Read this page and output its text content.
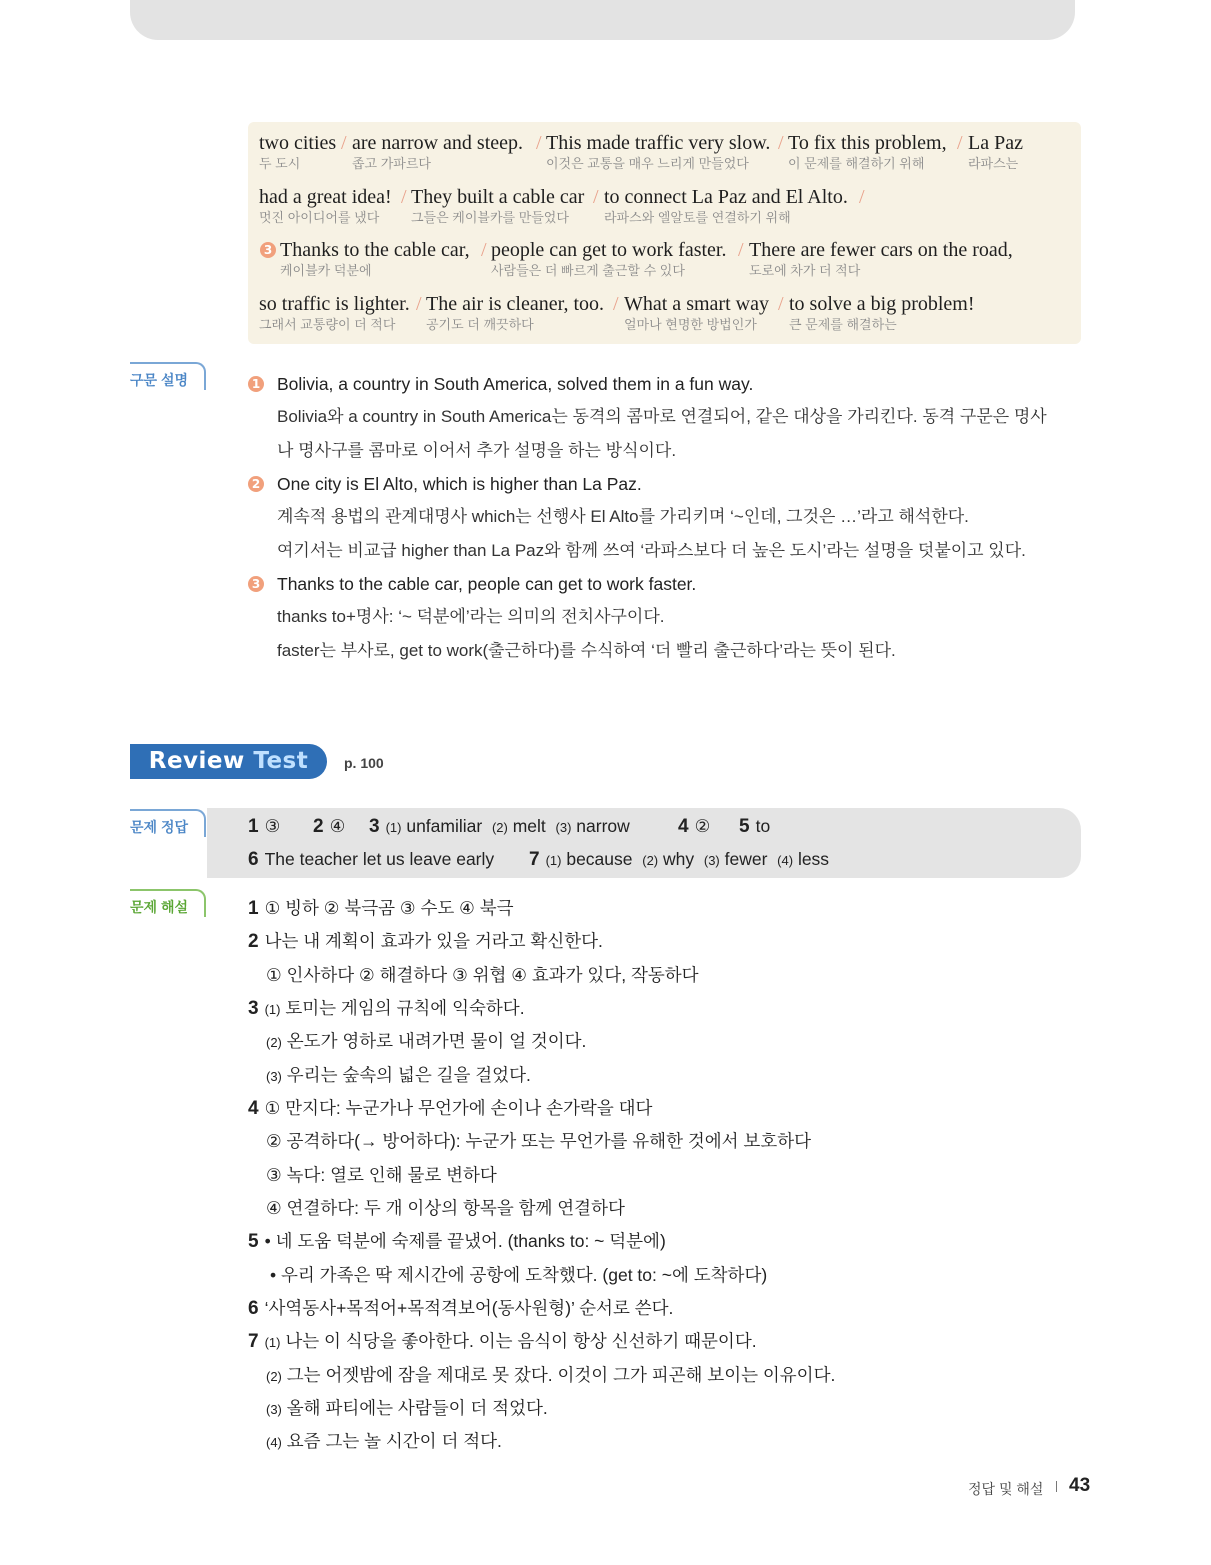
two cities
두 도시
/ are narrow and steep.
좁고 가파르다
/ This made traffic very slow.
이것은 교통을 매우 느리게 만들었다
/ To fix this problem,
이 문제를 해결하기 위해
/ La Paz
라파스는
had a great idea!
멋진 아이디어를 냈다
/ They built a cable car
그들은 케이블카를 만들었다
/ to connect La Paz and El Alto.
라파스와 엘알토를 연결하기 위해
/
3 Thanks to the cable car,
케이블카 덕분에
/ people can get to work faster.
사람들은 더 빠르게 출근할 수 있다
/ There are fewer cars on the road,
도로에 차가 더 적다
so traffic is lighter.
그래서 교통량이 더 적다
/ The air is cleaner, too.
공기도 더 깨끗하다
/ What a smart way
얼마나 현명한 방법인가
/ to solve a big problem!
큰 문제를 해결하는
구문 설명	1 Bolivia, a country in South America, solved them in a fun way.
Bolivia와 a country in South America는 동격의 콤마로 연결되어, 같은 대상을 가리킨다. 동격 구문은 명사
나 명사구를 콤마로 이어서 추가 설명을 하는 방식이다.
2 One city is El Alto, which is higher than La Paz.
계속적 용법의 관계대명사 which는 선행사 El Alto를 가리키며 ‘~인데, 그것은 …’라고 해석한다.
여기서는 비교급 higher than La Paz와 함께 쓰여 ‘라파스보다 더 높은 도시’라는 설명을 덧붙이고 있다.
3 Thanks to the cable car, people can get to work faster.
thanks to+명사: ‘~ 덕분에’라는 의미의 전치사구이다.
faster는 부사로, get to work(출근하다)를 수식하여 ‘더 빨리 출근하다’라는 뜻이 된다.
Review Test	p. 100
문제 정답	1 ③ 2 ④ 3 (1) unfamiliar (2) melt (3) narrow	4 ② 5 to
6 The teacher let us leave early 7 (1) because (2) why (3) fewer (4) less
문제 해설	1 ① 빙하 ② 북극곰 ③ 수도 ④ 북극
2 나는 내 계획이 효과가 있을 거라고 확신한다.
① 인사하다 ② 해결하다 ③ 위협 ④ 효과가 있다, 작동하다
3 (1) 토미는 게임의 규칙에 익숙하다.
(2) 온도가 영하로 내려가면 물이 얼 것이다.
(3) 우리는 숲속의 넓은 길을 걸었다.
4 ① 만지다: 누군가나 무언가에 손이나 손가락을 대다
② 공격하다(→ 방어하다): 누군가 또는 무언가를 유해한 것에서 보호하다
③ 녹다: 열로 인해 물로 변하다
④ 연결하다: 두 개 이상의 항목을 함께 연결하다
5 • 네 도움 덕분에 숙제를 끝냈어. (thanks to: ~ 덕분에)
• 우리 가족은 딱 제시간에 공항에 도착했다. (get to: ~에 도착하다)
6 ‘사역동사+목적어+목적격보어(동사원형)’ 순서로 쓴다.
7 (1) 나는 이 식당을 좋아한다. 이는 음식이 항상 신선하기 때문이다.
(2) 그는 어젯밤에 잠을 제대로 못 잤다. 이것이 그가 피곤해 보이는 이유이다.
(3) 올해 파티에는 사람들이 더 적었다.
(4) 요즘 그는 놀 시간이 더 적다.
정답 및 해설 43
